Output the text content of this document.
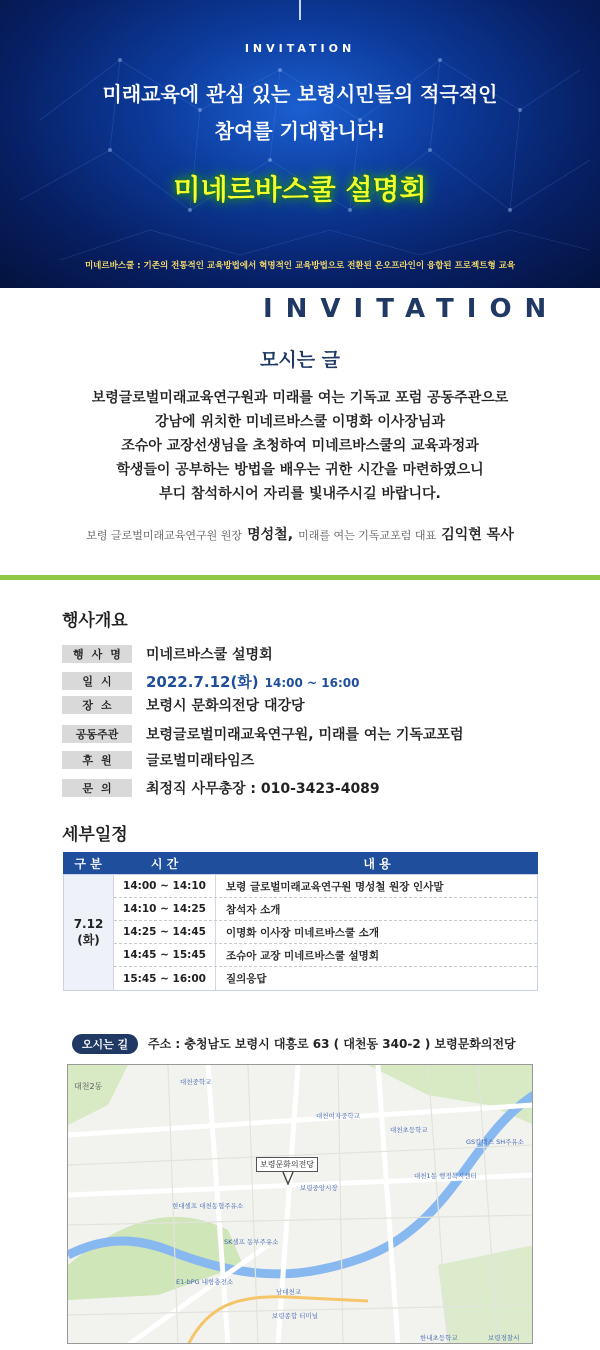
INVITATION
미래교육에 관심 있는 보령시민들의 적극적인
참여를 기대합니다!
미네르바스쿨 설명회
미네르바스쿨 : 기존의 전통적인 교육방법에서 혁명적인 교육방법으로 전환된 온오프라인이 융합된 프로젝트형 교육
INVITATION
모시는 글
보령글로벌미래교육연구원과 미래를 여는 기독교 포럼 공동주관으로
강남에 위치한 미네르바스쿨 이명화 이사장님과
조슈아 교장선생님을 초청하여 미네르바스쿨의 교육과정과
학생들이 공부하는 방법을 배우는 귀한 시간을 마련하였으니
부디 참석하시어 자리를 빛내주시길 바랍니다.
보령 글로벌미래교육연구원 원장 명성철, 미래를 여는 기독교포럼 대표 김익현 목사
행사개요
행사명 미네르바스쿨 설명회
일시	2022.7.12(화) 14:00 ~ 16:00
장소	보령시 문화의전당 대강당
공동주관	보령글로벌미래교육연구원, 미래를 여는 기독교포럼
후원	글로벌미래타임즈
문의	최정직 사무총장 : 010-3423-4089
세부일정
구 분	시 간	내 용
7.12
(화)
14:00 ~ 14:10	보령 글로벌미래교육연구원 명성철 원장 인사말
14:10 ~ 14:25	참석자 소개
14:25 ~ 14:45	이명화 이사장 미네르바스쿨 소개
14:45 ~ 15:45	조슈아 교장 미네르바스쿨 설명회
15:45 ~ 16:00	질의응답
오시는 길	주소 : 충청남도 보령시 대흥로 63 ( 대천동 340-2 ) 보령문화의전당
대천2동	대천중학교
대천여자중학교
대천초등학교
GS칼텍스 SH주유소
대천1동 행정복지센터
보령중앙시장
현대셀프 대천동협주유소
SK셀프 동부주유소
E1-bPG 내항충전소
남대천교
보령종합 터미널
한내초등학교	보령경찰서
보령문화의전당
